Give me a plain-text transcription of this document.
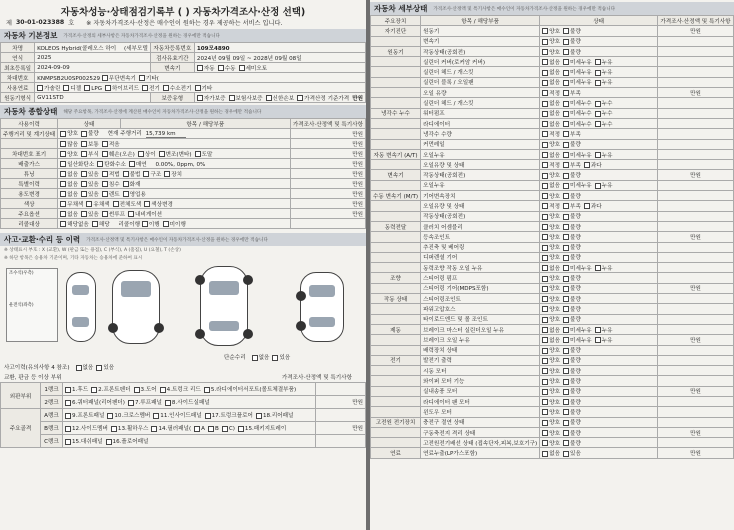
자동차성능·상태점검기록부 ( ) 자동차가격조사·산정 선택)
제 30-01-023388 호 ※ 자동차가격조사·산정은 매수인이 원하는 경우 제공하는 서비스 입니다.
자동차 기본정보 가격조사·산정의 세부사항은 자동차가격조사·산정을 원하는 경우에만 적습니다
차명	KOLEOS Hybrid(콜레오스 하이 (세부모델	자동차등록번호	109모4890
연식	2025	검사유효기간	2024년 09월 09일 ~ 2028년 09월 08일
최초등록일	2024-09-09	변속기	자동 수동 세미오토
차대번호	KNMPSB2U0SP002529 무단변속기 기타(		
사용연료	가솔린 디젤 LPG 하이브리드 전기 수소전기 기타		
원동기형식	GV11STD	보증유형	자가보증 보험사보증 신한손보 가격산정 기준가격 만원
자동차 종합상태 해당 주요항목, 가격조사·산정에 계산된 매수인이 자동차가격조사·산정을 원하는 경우에만 적습니다
사용이력	상태	항목 / 해당부품	가격조사·산정액 및 특기사항
주행거리 및 계기상태	양호 불량 현재 주행거리 15,739 km		만원
	많음 보통 적음		만원
차대번호 표기	양호 부식 훼손(오손) 상이 변조(변타) 도말		만원
배출가스	일산화탄소 탄화수소 매연 0.00%, 0ppm, 0%		만원
튜닝	없음 있음 적법 불법 구조 장치		만원
특별이력	없음 있음 침수 화재		만원
용도변경	없음 있음 렌트 영업용		만원
색상	무채색 유채색 전체도색 색상변경		만원
주요옵션	없음 있음 썬루프 내비게이션		만원
리콜대상	해당없음 해당 리콜이행 이행 미이행		
사고·교환·수리 등 이력 가격조사·산정액 및 특기사항은 매수인이 자동차가격조사·산정을 원하는 경우에만 적습니다
※ 상태표시 부호 : X (교환), W (판금 또는 용접), C (부식), A (흠집), U (요철), T (손상)
※ 하단 항목은 승용차 기준이며, 기타 자동차는 승용차에 준하여 표시
조수석(우측)
운전석(좌측)
단순수리	없음 있음
사고이력(유의사항 4 참조)	없음 있음
교환, 판금 등 이상 부위	가격조사·산정액 및 특기사항
외판부위	1랭크	1.후드 2.프론트펜더 3.도어 4.트렁크 리드 5.라디에이터서포트(볼트체결부품)	
	2랭크	6.쿼터패널(리어펜더) 7.루프패널 8.사이드실패널	만원
주요골격	A랭크	9.프론트패널 10.크로스멤버 11.인사이드패널 17.트렁크플로어 18.리어패널	
	B랭크	12.사이드멤버 13.휠하우스 14.필러패널( A B C) 15.패키지트레이	만원
	C랭크	15.대쉬패널 16.플로어패널	
자동차 세부상태 가격조사·산정액 및 특기사항은 매수인이 자동차가격조사·산정을 원하는 경우에만 적습니다
주요장치	항목 / 해당부품	상태	가격조사·산정액 및 특기사항
자기진단	원동기	양호 불량	만원
	변속기	양호 불량	
원동기	작동상태(공회전)	양호 불량	
	실린더 커버(로커암 커버)	없음 미세누유 누유	
	실린더 헤드 / 개스킷	없음 미세누유 누유	
	실린더 블록 / 오일팬	없음 미세누유 누유	
	오일 유량	적정 부족	만원
	실린더 헤드 / 개스킷	없음 미세누수 누수	
냉각수 누수	워터펌프	없음 미세누수 누수	
	라디에이터	없음 미세누수 누수	
	냉각수 수량	적정 부족	
	커먼레일	양호 불량	
자동 변속기 (A/T)	오일누유	없음 미세누유 누유	
	오일유량 및 상태	적정 부족 과다	
변속기	작동상태(공회전)	양호 불량	만원
	오일누유	없음 미세누유 누유	
수동 변속기 (M/T)	기어변속장치	양호 불량	
	오일유량 및 상태	적정 부족 과다	
	작동상태(공회전)	양호 불량	
동력전달	클러치 어셈블리	양호 불량	
	등속조인트	양호 불량	만원
	추진축 및 베어링	양호 불량	
	디퍼렌셜 기어	양호 불량	
	동력조향 작동 오일 누유	없음 미세누유 누유	
조향	스티어링 펌프	양호 불량	
	스티어링 기어(MDPS포함)	양호 불량	만원
작동 상태	스티어링조인트	양호 불량	
	파워고압호스	양호 불량	
	타이로드엔드 및 볼 조인트	양호 불량	
제동	브레이크 마스터 실린더오일 누유	없음 미세누유 누유	
	브레이크 오일 누유	없음 미세누유 누유	만원
	배력장치 상태	양호 불량	
전기	발전기 출력	양호 불량	
	시동 모터	양호 불량	
	와이퍼 모터 기능	양호 불량	
	실내송풍 모터	양호 불량	만원
	라디에이터 팬 모터	양호 불량	
	윈도우 모터	양호 불량	
고전원 전기장치	충전구 절연 상태	양호 불량	
	구동축전지 격리 상태	양호 불량	만원
	고전원전기배선 상태 (접속단자,피복,보호기구)	양호 불량	
연료	연료누출(LP가스포함)	없음 있음	만원
